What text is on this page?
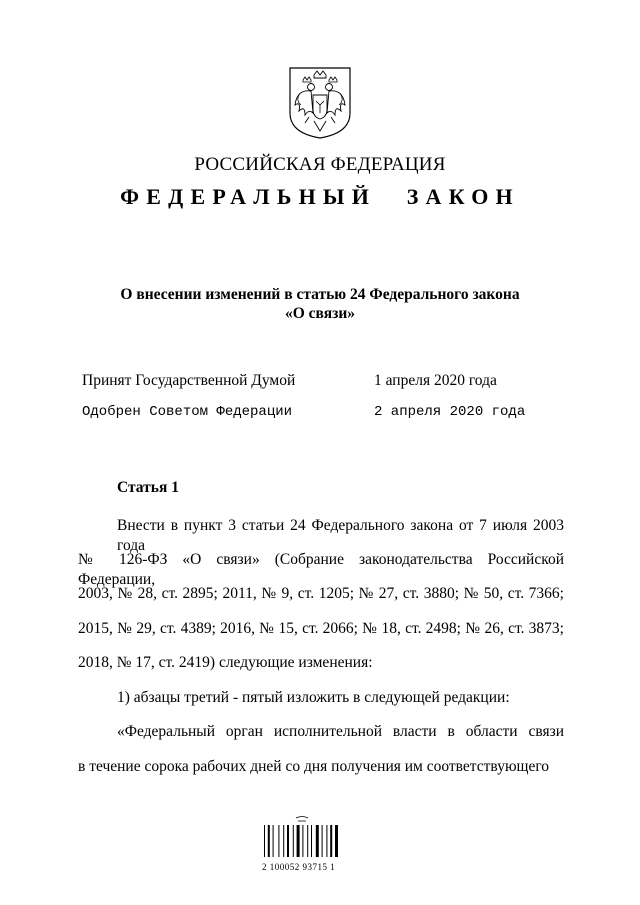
РОССИЙСКАЯ ФЕДЕРАЦИЯ
ФЕДЕРАЛЬНЫЙ ЗАКОН
О внесении изменений в статью 24 Федерального закона
«О связи»
Принят Государственной Думой	1 апреля 2020 года
Одобрен Советом Федерации	2 апреля 2020 года
Статья 1
Внести в пункт 3 статьи 24 Федерального закона от 7 июля 2003 года
№ 126-ФЗ «О связи» (Собрание законодательства Российской Федерации,
2003, № 28, ст. 2895; 2011, № 9, ст. 1205; № 27, ст. 3880; № 50, ст. 7366;
2015, № 29, ст. 4389; 2016, № 15, ст. 2066; № 18, ст. 2498; № 26, ст. 3873;
2018, № 17, ст. 2419) следующие изменения:
1) абзацы третий - пятый изложить в следующей редакции:
«Федеральный орган исполнительной власти в области связи
в течение сорока рабочих дней со дня получения им соответствующего
2 100052 93715 1
